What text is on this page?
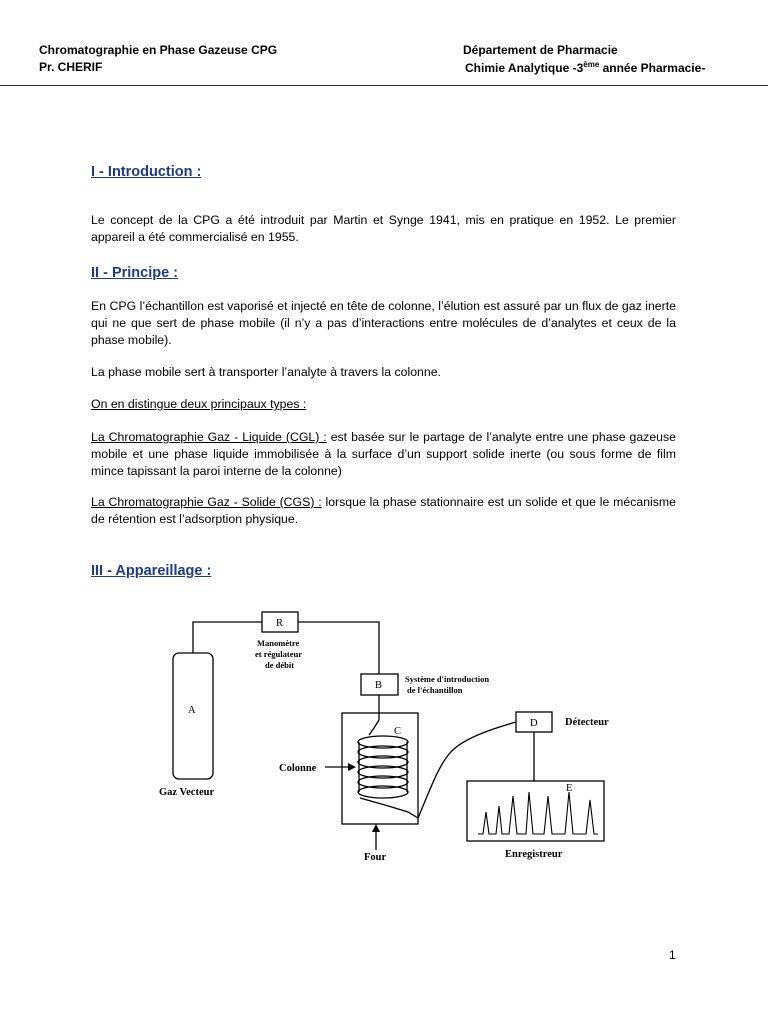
Chromatographie en Phase Gazeuse CPG
Pr. CHERIF
Département de Pharmacie
Chimie Analytique -3ème année Pharmacie-
I - Introduction :
Le concept de la CPG a été introduit par Martin et Synge 1941, mis en pratique en 1952. Le premier appareil a été commercialisé en 1955.
II - Principe :
En CPG l’échantillon est vaporisé et injecté en tête de colonne, l’élution est assuré par un flux de gaz inerte qui ne que sert de phase mobile (il n’y a pas d’interactions entre molécules de d’analytes et ceux de la phase mobile).
La phase mobile sert à transporter l’analyte à travers la colonne.
On en distingue deux principaux types :
La Chromatographie Gaz - Liquide (CGL) : est basée sur le partage de l’analyte entre une phase gazeuse mobile et une phase liquide immobilisée à la surface d’un support solide inerte (ou sous forme de film mince tapissant la paroi interne de la colonne)
La Chromatographie Gaz - Solide (CGS) : lorsque la phase stationnaire est un solide et que le mécanisme de rétention est l’adsorption physique.
III - Appareillage :
A
R
B
C
D
E
Gaz Vecteur
Manomètre
et régulateur
de débit
Système d'introduction
de l'échantillon
Colonne
Four
Détecteur
Enregistreur
1
